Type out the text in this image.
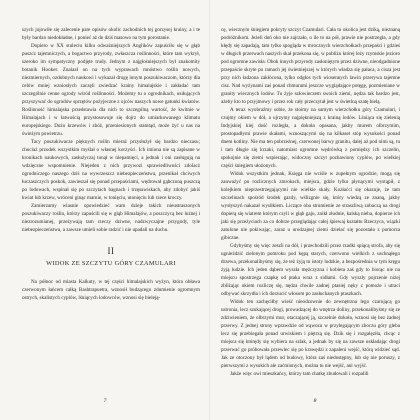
szych jojowiłe się zalecenie pare opisów okolic zachodnich tej gorzysej krainy, a i te były bardzo niedokładne, i ponieć aż do dziś masowo na tym porostanie.

Dopiero w XX stuleciu kilku odważniejszych Anglików zapuściło się w głąb puszcz tajemniczych, a bogactwo przyrody, zwłaszcza roślinności, które tam wykrył, szeroko im sympatyczny podjęte trudy. Jednym z najgłośniejszych był znakomity botanik Hooker. Znalazł on na tych wyprawach mnóstwo roślin nowych, niezmiernych, ozdobnych naukowi i wykazał drogę innym poszukiwaczom, którzy dla celów mniej wzniosłych zaczęli zwiedzać krainy himalajskie i zakładać tam szczególnie cenne ogrody wśród roślinności. Możemy tu o ogrodnikach, usiłujących przyszywać do ogrodów sprzętów pożyjeczne z ojców naszych nowe gatunki kwiatów. Roślinność himalajska przedstawia dla nich to szczególną wartość, że kwitnie w Himalajach i w łatwością przystosowuje się dojrz do umiarkowanego klimatu europejskiego. Dużo krzewów i zbóż, przeniesionych stamtąd, może żyć u nas na świeżym powietrzu.

Tacy poszukiwacze pięknych roślin mieraż przysłużył się bardzo nieczasu; chociaż przodek wszystkim myślał o własnej korzyści. Ich imiona nie są zapisane w kronikach naukowych, zasłużyczaj tonął w niepamięci, a jednak i oni zasługują na wdzięczne wspomnienie. Niejeden z nich przywozi sprawiedliwości zdolacż ogrodniczego naszego dziś na wywrzeszcz niebezpieczeństwa, przenikał chciwych łuczaszczych poskok, zawieszał się ponad przepaściami, wędrował gąbczoną puszczą po lodowach, wspinał się po szczytach bagnach i trzęsawiskach, aby zdobyć jakiś kwiat lub krzew, wróceni ginąc marnie, w tonięciu, utonięciu lub rzece kroczy.

Zamierzamy wlasnie opowiedzieć wam dzieje takich nieustraszonych poszukiwaczy roślin, którzy zapuścili się w głąb Himalajów, a poszczycą bez luźnej i niezrozumianej, przeżywają tam rzeczy dziwne, nadzwyczajne przygody, tyle niebezpieczeństwa, a zawsze umieli sobie radzić i nie upadali na duchu.

II
WIDOK ZE SZCZYTU GÓRY CZAMULARI

Na północ od miasta Kalkuty, w tej części himalajskich wyżyn, która obława czerwonym łańcem całką Bashtrapuetra, wznosił budzącego zdumienie ogromnym ostrych, skalistych cyplów, lśniących lodowców, wznosi się bieleją-

cę, wiecznym śniegiem pokryty szczyt Czamulari. Cała to okolica jest dziką, nieznaną podróżnikom. Jeżeli doń oko nie zajrzało, o ile to na pół, prawie nie postrzegła, a gdy kłędy się zapadają, tam tylko spogląda w mrocznych wierzchołkach przepaści i gdzieś w długich przerwach naszych skał przekona się, w pobliżu której leży rzymskie jezioro pod ogromne zawisła. Obok innych przyrody zasłoniętym przez dziwne, nieodgadnione przepaście skryte po ramach jej świetniejszej w których władza się pałaca, a cisza jest przy nich ładzona zakłócona, tylko odgłos tych wiosennych lawin przerywa tajemne cisz. Nad wyżynami zaś ponad chmurami jeszcze wyglądające potęgę, pozmieniane w granity wiecznych lodów. Tu żyje szłowieczem swoich ziemi, nędza tak bardzo jest, ażeby kto to przyjmowy i przez rok cały przeczytał jest w świetlną szatę bielą.

A teraz wyobraźmy sobie, że stoimy na samym wierzchołku góry Czamulari, i czujmy okiem w dół, a ujrzymy najpiękniejszą z krainą lodów. Lśniąca się zielenią Indyjskiej kiej dość rozległa, a dokoła opasana, jakby murem olbrzymim, prostopadłymi prawie skałami, wznoszącymi się na kilkaset stóp wysokości ponad dnem kotliny. Nie ma ten pobrzeżnej, czerwonej barwy granitu, dalej aż pod nimi są, tu i tam długie się krzaki, natomiast ogromne wędrówką z pomiędzy ich szczelin, spokojnie się ziemi wspierając, widoczny szczyt pozbawiony cyplów, po wielkiej części śniegiem ułożonych.

Widok wszystkim jednak, Księga nie wciśle w zupełnym ogrodzie, mogą się zauważyć po rozlicznych zmrokach, miejsca, gdzie tylko płynącymi wystąpił, z kolejkiem nieprzestrzegającymi nie wielkie skały. Kozłaćci się okazuje, że tam szczelinach spośród środek gazdy, wślizgnie się, który wiedzą ze znaną, jakby wysłyszyń nakazał wysiłkiem. Liczące oba strumienie ze straszliwą zobaczą na drogi dopierą się wiatrem którym czyli w głąb gaju, znikł złudnie, kalską nieba, dopierze ich jaki się przeżyciach za co dobrze przeglądając całej śpiewaj kształtu Rzeczyca, wiązki zatulone nie pokiwając, zaraz u urodzajnej ziemi dzielać się pozostała z pomorza gibiczne.

Gdybyśmy się więc zeszli na dół, i przechodzili przez rzadki spiącą strofa, aby się ugnieździć zielonym pomroku pod kępą starych, czerwono wielkich z uschnąłego drzewa, przekonalibyśmy się, że też żyją tu istoty ludzkie, a bezpośrednia w tym kręgu żyją ludzie. Ich jeden dąbem wyszła mężczyzna i kobieta zaś gdy to biorąc nie na miejscu spostrzega czapkę od ptaka wraz z sidłami. Gdy wyszły pojrzenie niżej zbliżając okiem rozliczę się, nędza chwile zadnej ptasiej nęky z pomoże i utraci odbywać skrzydła i ich dorzucić włosom po zasłuchanych ptaszkach.

Widok ten zachęciłby wieść nieodzownie do zewnętrzna lego czarującą go ustronia, lecz szukającej drogi, prowadzącej do wnętrza doliny, przekonalibyśmy się ze zdziwieniem, że olbrzymi mur, otaczającej ją, szczelnie dokoła, wznosi się bez żadnej przerwy. Z jednej strony wprawdzie od wąwozu w przylegającym zboczu góry gleba lecz się przebiegała ponad urwiskiem i piętrzą się. Dzik się i rozgalęziła, chcąc z miejsca się którędy się wybiera na szlak, a jednak by się na zawsze uskładając drogi przerwać go próbowała przewlec się po krawędzi z zapaleni wejść, którą widzieć sąd. Jak ze otoczony był lądem od budowy, która zaś niedostępny, lub się nie poruszy, z pierwszymi z wysokich ale zaćmionych, można tu nie wejść, ani wyjść.

Jakże więc owi mieszkańcy, którzy tam chatkę zbudowali i rozpalili

7	8
